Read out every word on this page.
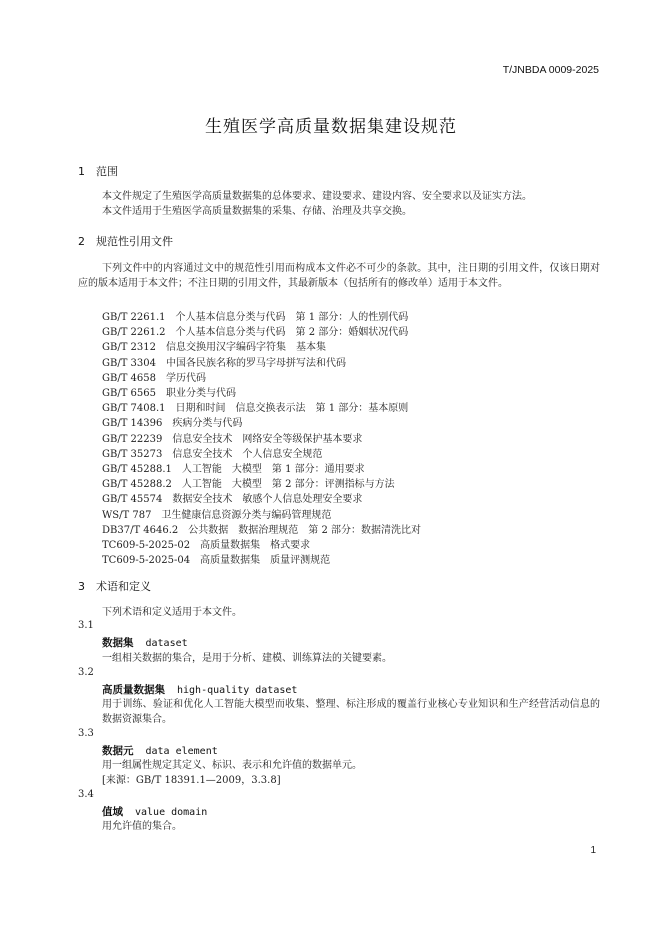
T/JNBDA 0009-2025
生殖医学高质量数据集建设规范
1 范围
本文件规定了生殖医学高质量数据集的总体要求、建设要求、建设内容、安全要求以及证实方法。
本文件适用于生殖医学高质量数据集的采集、存储、治理及共享交换。
2 规范性引用文件
下列文件中的内容通过文中的规范性引用而构成本文件必不可少的条款。其中，注日期的引用文件，仅该日期对应的版本适用于本文件；不注日期的引用文件，其最新版本（包括所有的修改单）适用于本文件。
GB/T 2261.1　个人基本信息分类与代码　第 1 部分：人的性别代码
GB/T 2261.2　个人基本信息分类与代码　第 2 部分：婚姻状况代码
GB/T 2312　信息交换用汉字编码字符集　基本集
GB/T 3304　中国各民族名称的罗马字母拼写法和代码
GB/T 4658　学历代码
GB/T 6565　职业分类与代码
GB/T 7408.1　日期和时间　信息交换表示法　第 1 部分：基本原则
GB/T 14396　疾病分类与代码
GB/T 22239　信息安全技术　网络安全等级保护基本要求
GB/T 35273　信息安全技术　个人信息安全规范
GB/T 45288.1　人工智能　大模型　第 1 部分：通用要求
GB/T 45288.2　人工智能　大模型　第 2 部分：评测指标与方法
GB/T 45574　数据安全技术　敏感个人信息处理安全要求
WS/T 787　卫生健康信息资源分类与编码管理规范
DB37/T 4646.2　公共数据　数据治理规范　第 2 部分：数据清洗比对
TC609-5-2025-02　高质量数据集　格式要求
TC609-5-2025-04　高质量数据集　质量评测规范
3 术语和定义
下列术语和定义适用于本文件。
3.1
数据集 dataset
一组相关数据的集合，是用于分析、建模、训练算法的关键要素。
3.2
高质量数据集 high-quality dataset
用于训练、验证和优化人工智能大模型而收集、整理、标注形成的覆盖行业核心专业知识和生产经营活动信息的数据资源集合。
3.3
数据元 data element
用一组属性规定其定义、标识、表示和允许值的数据单元。
[来源：GB/T 18391.1—2009，3.3.8]
3.4
值域 value domain
用允许值的集合。
1
